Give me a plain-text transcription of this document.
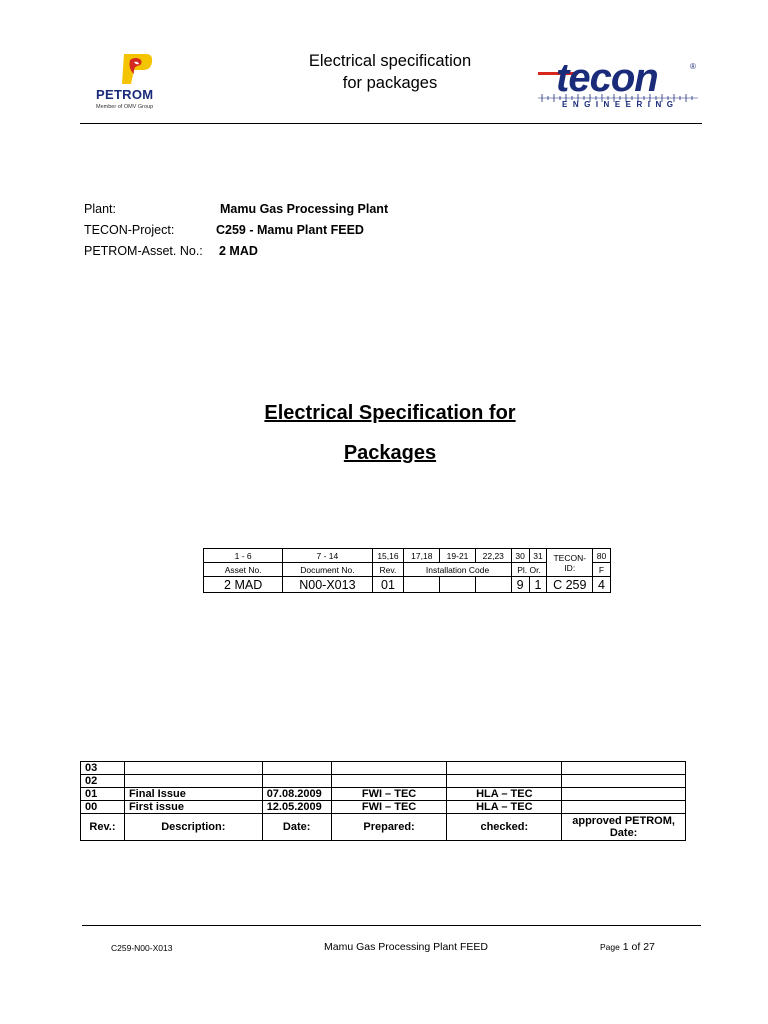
PETROM
Member of OMV Group
Electrical specification
for packages	tecon	®
ENGINEERING
Plant:	Mamu Gas Processing Plant
TECON-Project:	C259 - Mamu Plant FEED
PETROM-Asset. No.: 2 MAD
Electrical Specification for
Packages
1 - 6	7 - 14	15,16	17,18	19-21	22,23	30	31	TECON-ID:	80
Asset No.	Document No.	Rev.	Installation Code			Pl. Or.			F
2 MAD	N00-X013	01				9	1	C 259	4
03					
02					
01	Final Issue	07.08.2009	FWI – TEC	HLA – TEC	
00	First issue	12.05.2009	FWI – TEC	HLA – TEC	
Rev.:	Description:	Date:	Prepared:	checked:	approved PETROM,
Date:
C259-N00-X013	Mamu Gas Processing Plant FEED	Page 1 of 27
